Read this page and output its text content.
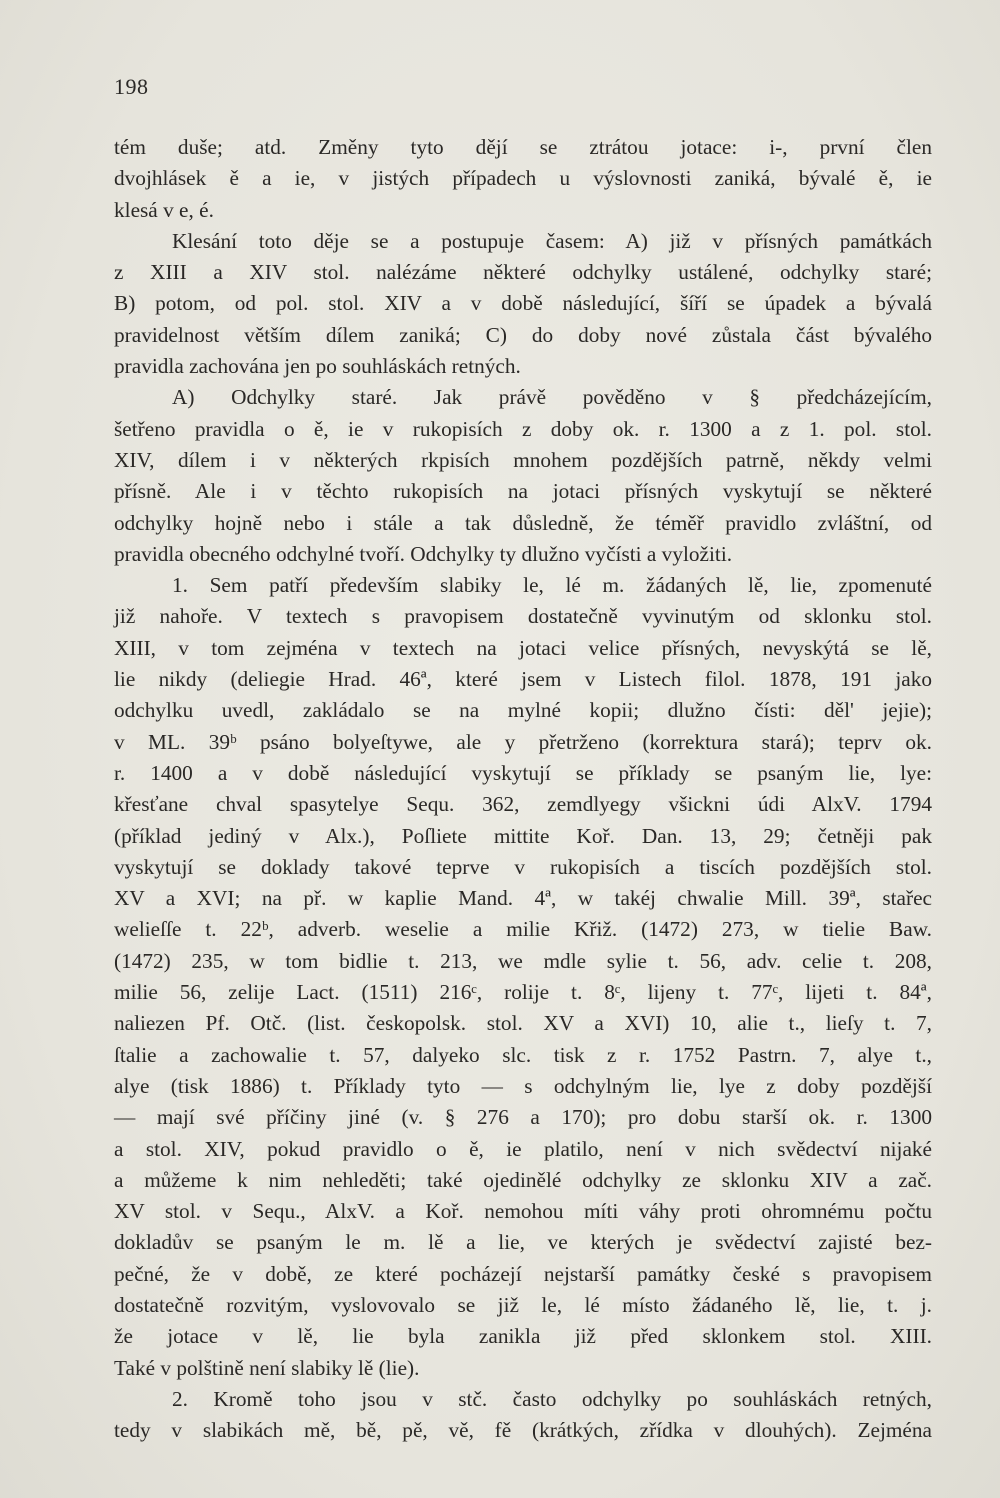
198
tém duše; atd. Změny tyto dějí se ztrátou jotace: i-, první člen
dvojhlásek ě a ie, v jistých případech u výslovnosti zaniká, bývalé ě, ie
klesá v e, é.
Klesání toto děje se a postupuje časem: A) již v přísných památkách
z XIII a XIV stol. nalézáme některé odchylky ustálené, odchylky staré;
B) potom, od pol. stol. XIV a v době následující, šíří se úpadek a bývalá
pravidelnost větším dílem zaniká; C) do doby nové zůstala část bývalého
pravidla zachována jen po souhláskách retných.
A) Odchylky staré. Jak právě pověděno v § předcházejícím,
šetřeno pravidla o ě, ie v rukopisích z doby ok. r. 1300 a z 1. pol. stol.
XIV, dílem i v některých rkpisích mnohem pozdějších patrně, někdy velmi
přísně. Ale i v těchto rukopisích na jotaci přísných vyskytují se některé
odchylky hojně nebo i stále a tak důsledně, že téměř pravidlo zvláštní, od
pravidla obecného odchylné tvoří. Odchylky ty dlužno vyčísti a vyložiti.
1. Sem patří především slabiky le, lé m. žádaných lě, lie, zpomenuté
již nahoře. V textech s pravopisem dostatečně vyvinutým od sklonku stol.
XIII, v tom zejména v textech na jotaci velice přísných, nevyskýtá se lě,
lie nikdy (deliegie Hrad. 46ª, které jsem v Listech filol. 1878, 191 jako
odchylku uvedl, zakládalo se na mylné kopii; dlužno čísti: děl' jejie);
v ML. 39ᵇ psáno bolyeſtywe, ale y přetrženo (korrektura stará); teprv ok.
r. 1400 a v době následující vyskytují se příklady se psaným lie, lye:
křesťane chval spasytelye Sequ. 362, zemdlyegy všickni údi AlxV. 1794
(příklad jediný v Alx.), Poſliete mittite Koř. Dan. 13, 29; četněji pak
vyskytují se doklady takové teprve v rukopisích a tiscích pozdějších stol.
XV a XVI; na př. w kaplie Mand. 4ª, w takéj chwalie Mill. 39ª, stařec
welieſſe t. 22ᵇ, adverb. weselie a milie Křiž. (1472) 273, w tielie Baw.
(1472) 235, w tom bidlie t. 213, we mdle sylie t. 56, adv. celie t. 208,
milie 56, zelije Lact. (1511) 216ᶜ, rolije t. 8ᶜ, lijeny t. 77ᶜ, lijeti t. 84ª,
naliezen Pf. Otč. (list. českopolsk. stol. XV a XVI) 10, alie t., lieſy t. 7,
ſtalie a zachowalie t. 57, dalyeko slc. tisk z r. 1752 Pastrn. 7, alye t.,
alye (tisk 1886) t. Příklady tyto — s odchylným lie, lye z doby pozdější
— mají své příčiny jiné (v. § 276 a 170); pro dobu starší ok. r. 1300
a stol. XIV, pokud pravidlo o ě, ie platilo, není v nich svědectví nijaké
a můžeme k nim nehleděti; také ojedinělé odchylky ze sklonku XIV a zač.
XV stol. v Sequ., AlxV. a Koř. nemohou míti váhy proti ohromnému počtu
dokladův se psaným le m. lě a lie, ve kterých je svědectví zajisté bez-
pečné, že v době, ze které pocházejí nejstarší památky české s pravopisem
dostatečně rozvitým, vyslovovalo se již le, lé místo žádaného lě, lie, t. j.
že jotace v lě, lie byla zanikla již před sklonkem stol. XIII.
Také v polštině není slabiky lě (lie).
2. Kromě toho jsou v stč. často odchylky po souhláskách retných,
tedy v slabikách mě, bě, pě, vě, fě (krátkých, zřídka v dlouhých). Zejména
